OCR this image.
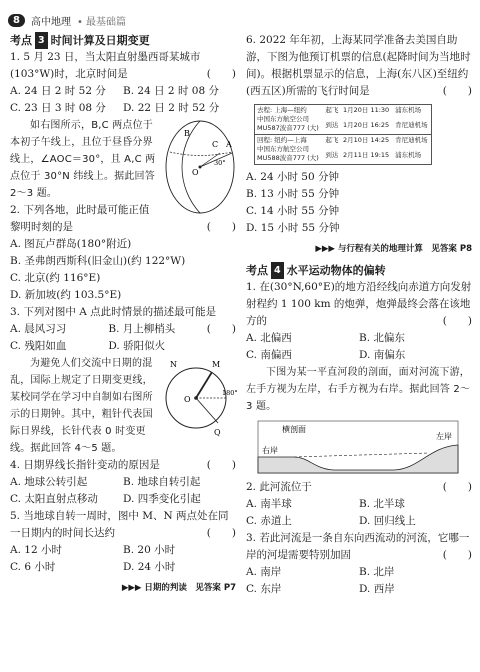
8	高中地理 • 最基础篇
考点 3 时间计算及日期变更
1. 5 月 23 日，当太阳直射墨西哥某城市(103°W)时，北京时间是	(　　)
A. 24 日 2 时 52 分	B. 24 日 2 时 08 分
C. 23 日 3 时 08 分	D. 22 日 2 时 52 分
B
C A
O
30°
如右图所示，B,C 两点位于本初子午线上，且位于昼昏分界线上，∠AOC＝30°，且 A,C 两点位于 30°N 纬线上。据此回答 2～3 题。
2. 下列各地，此时最可能正值黎明时刻的是	(　　)
A. 图瓦卢群岛(180°附近)
B. 圣弗朗西斯科(旧金山)(约 122°W)
C. 北京(约 116°E)
D. 新加坡(约 103.5°E)
3. 下列对图中 A 点此时情景的描述最可能是
(　　)
A. 晨风习习	B. 月上柳梢头
C. 残阳如血	D. 骄阳似火
N	M
O
Q
180°
为避免人们交流中日期的混乱，国际上规定了日期变更线，某校同学在学习中自制如右图所示的日期钟。其中，粗针代表国际日界线，长针代表 0 时变更线。据此回答 4～5 题。
4. 日期界线长指针变动的原因是	(　　)
A. 地球公转引起	B. 地球自转引起
C. 太阳直射点移动	D. 四季变化引起
5. 当地球自转一周时，图中 M、N 两点处在同一日期内的时间长达约	(　　)
A. 12 小时	B. 20 小时
C. 6 小时	D. 24 小时
▶▶▶ 日期的判读　见答案 P7
6. 2022 年年初，上海某同学准备去美国自助游，下图为他预订机票的信息(起降时间为当地时间)。根据机票显示的信息，上海(东八区)至纽约(西五区)所需的飞行时间是	(　　)
去程: 上海—纽约
中国东方航空公司
MU587波音777 (大)	起飞	1月20日 11:30	浦东机场
	到达	1月20日 16:25	肯尼迪机场

回程: 纽约—上海
中国东方航空公司
MU588波音777 (大)	起飞	2月10日 14:25	肯尼迪机场
	到达	2月11日 19:15	浦东机场
A. 24 小时 50 分钟
B. 13 小时 55 分钟
C. 14 小时 55 分钟
D. 15 小时 55 分钟
▶▶▶ 与行程有关的地理计算　见答案 P8
考点 4 水平运动物体的偏转
1. 在(30°N,60°E)的地方沿经线向赤道方向发射射程约 1 100 km 的炮弹，炮弹最终会落在该地方的	(　　)
A. 北偏西	B. 北偏东
C. 南偏西	D. 南偏东
下图为某一平直河段的剖面，面对河流下游，左手方视为左岸，右手方视为右岸。据此回答 2～3 题。
横剖面
右岸
左岸
2. 此河流位于	(　　)
A. 南半球	B. 北半球
C. 赤道上	D. 回归线上
3. 若此河流是一条自东向西流动的河流，它哪一岸的河堤需要特别加固	(　　)
A. 南岸	B. 北岸
C. 东岸	D. 西岸
